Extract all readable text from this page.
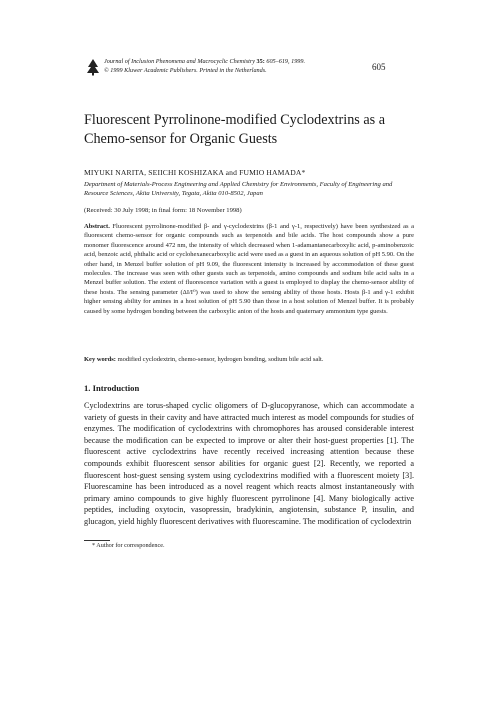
Journal of Inclusion Phenomena and Macrocyclic Chemistry 35: 605–619, 1999.
© 1999 Kluwer Academic Publishers. Printed in the Netherlands.	605
Fluorescent Pyrrolinone-modified Cyclodextrins as a Chemo-sensor for Organic Guests
MIYUKI NARITA, SEIICHI KOSHIZAKA and FUMIO HAMADA*
Department of Materials-Process Engineering and Applied Chemistry for Environments, Faculty of Engineering and Resource Sciences, Akita University, Tegata, Akita 010-8502, Japan
(Received: 30 July 1998; in final form: 18 November 1998)
Abstract. Fluorescent pyrrolinone-modified β- and γ-cyclodextrins (β-1 and γ-1, respectively) have been synthesized as a fluorescent chemo-sensor for organic compounds such as terpenoids and bile acids. The host compounds show a pure monomer fluorescence around 472 nm, the intensity of which decreased when 1-adamantanecarboxylic acid, p-aminobenzoic acid, benzoic acid, phthalic acid or cyclohexanecarboxylic acid were used as a guest in an aqueous solution of pH 5.90. On the other hand, in Menzel buffer solution of pH 9.09, the fluorescent intensity is increased by accommodation of these guest molecules. The increase was seen with other guests such as terpenoids, amino compounds and sodium bile acid salts in a Menzel buffer solution. The extent of fluorescence variation with a guest is employed to display the chemo-sensor ability of these hosts. The sensing parameter (ΔI/I⁰) was used to show the sensing ability of those hosts. Hosts β-1 and γ-1 exhibit higher sensing ability for amines in a host solution of pH 5.90 than those in a host solution of Menzel buffer. It is probably caused by some hydrogen bonding between the carboxylic anion of the hosts and quaternary ammonium type guests.
Key words: modified cyclodextrin, chemo-sensor, hydrogen bonding, sodium bile acid salt.
1. Introduction
Cyclodextrins are torus-shaped cyclic oligomers of D-glucopyranose, which can accommodate a variety of guests in their cavity and have attracted much interest as model compounds for studies of enzymes. The modification of cyclodextrins with chromophores has aroused considerable interest because the modification can be expected to improve or alter their host-guest properties [1]. The fluorescent active cyclodextrins have recently received increasing attention because these compounds exhibit fluorescent sensor abilities for organic guest [2]. Recently, we reported a fluorescent host-guest sensing system using cyclodextrins modified with a fluorescent moiety [3]. Fluorescamine has been introduced as a novel reagent which reacts almost instantaneously with primary amino compounds to give highly fluorescent pyrrolinone [4]. Many biologically active peptides, including oxytocin, vasopressin, bradykinin, angiotensin, substance P, insulin, and glucagon, yield highly fluorescent derivatives with fluorescamine. The modification of cyclodextrin
* Author for correspondence.
